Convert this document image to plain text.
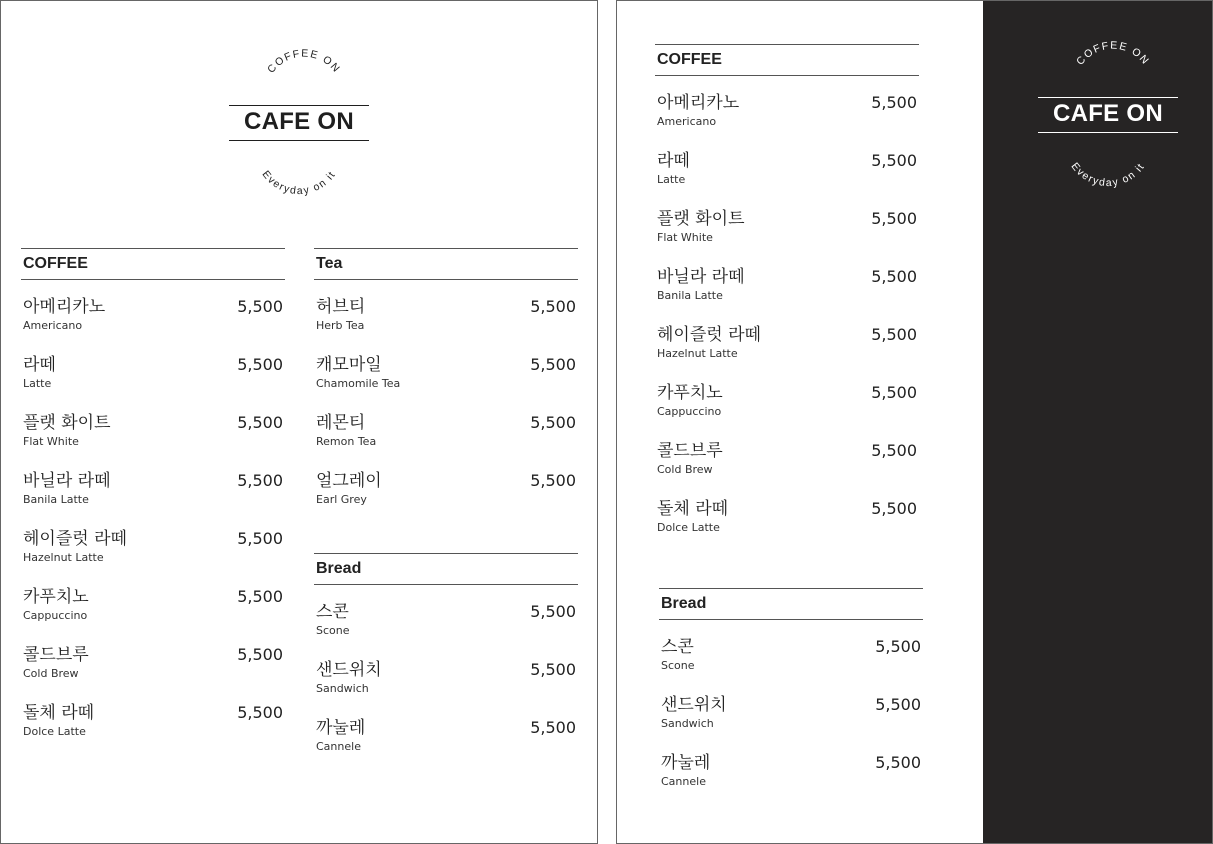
COFFEE ON
Everyday on it
CAFE ON
COFFEE
아메리카노
Americano
5,500
라떼
Latte
5,500
플랫 화이트
Flat White
5,500
바닐라 라떼
Banila Latte
5,500
헤이즐럿 라떼
Hazelnut Latte
5,500
카푸치노
Cappuccino
5,500
콜드브루
Cold Brew
5,500
돌체 라떼
Dolce Latte
5,500
Tea
허브티
Herb Tea
5,500
캐모마일
Chamomile Tea
5,500
레몬티
Remon Tea
5,500
얼그레이
Earl Grey
5,500
Bread
스콘
Scone
5,500
샌드위치
Sandwich
5,500
까눌레
Cannele
5,500
COFFEE ON
Everyday on it
CAFE ON
COFFEE
아메리카노
Americano
5,500
라떼
Latte
5,500
플랫 화이트
Flat White
5,500
바닐라 라떼
Banila Latte
5,500
헤이즐럿 라떼
Hazelnut Latte
5,500
카푸치노
Cappuccino
5,500
콜드브루
Cold Brew
5,500
돌체 라떼
Dolce Latte
5,500
Bread
스콘
Scone
5,500
샌드위치
Sandwich
5,500
까눌레
Cannele
5,500
